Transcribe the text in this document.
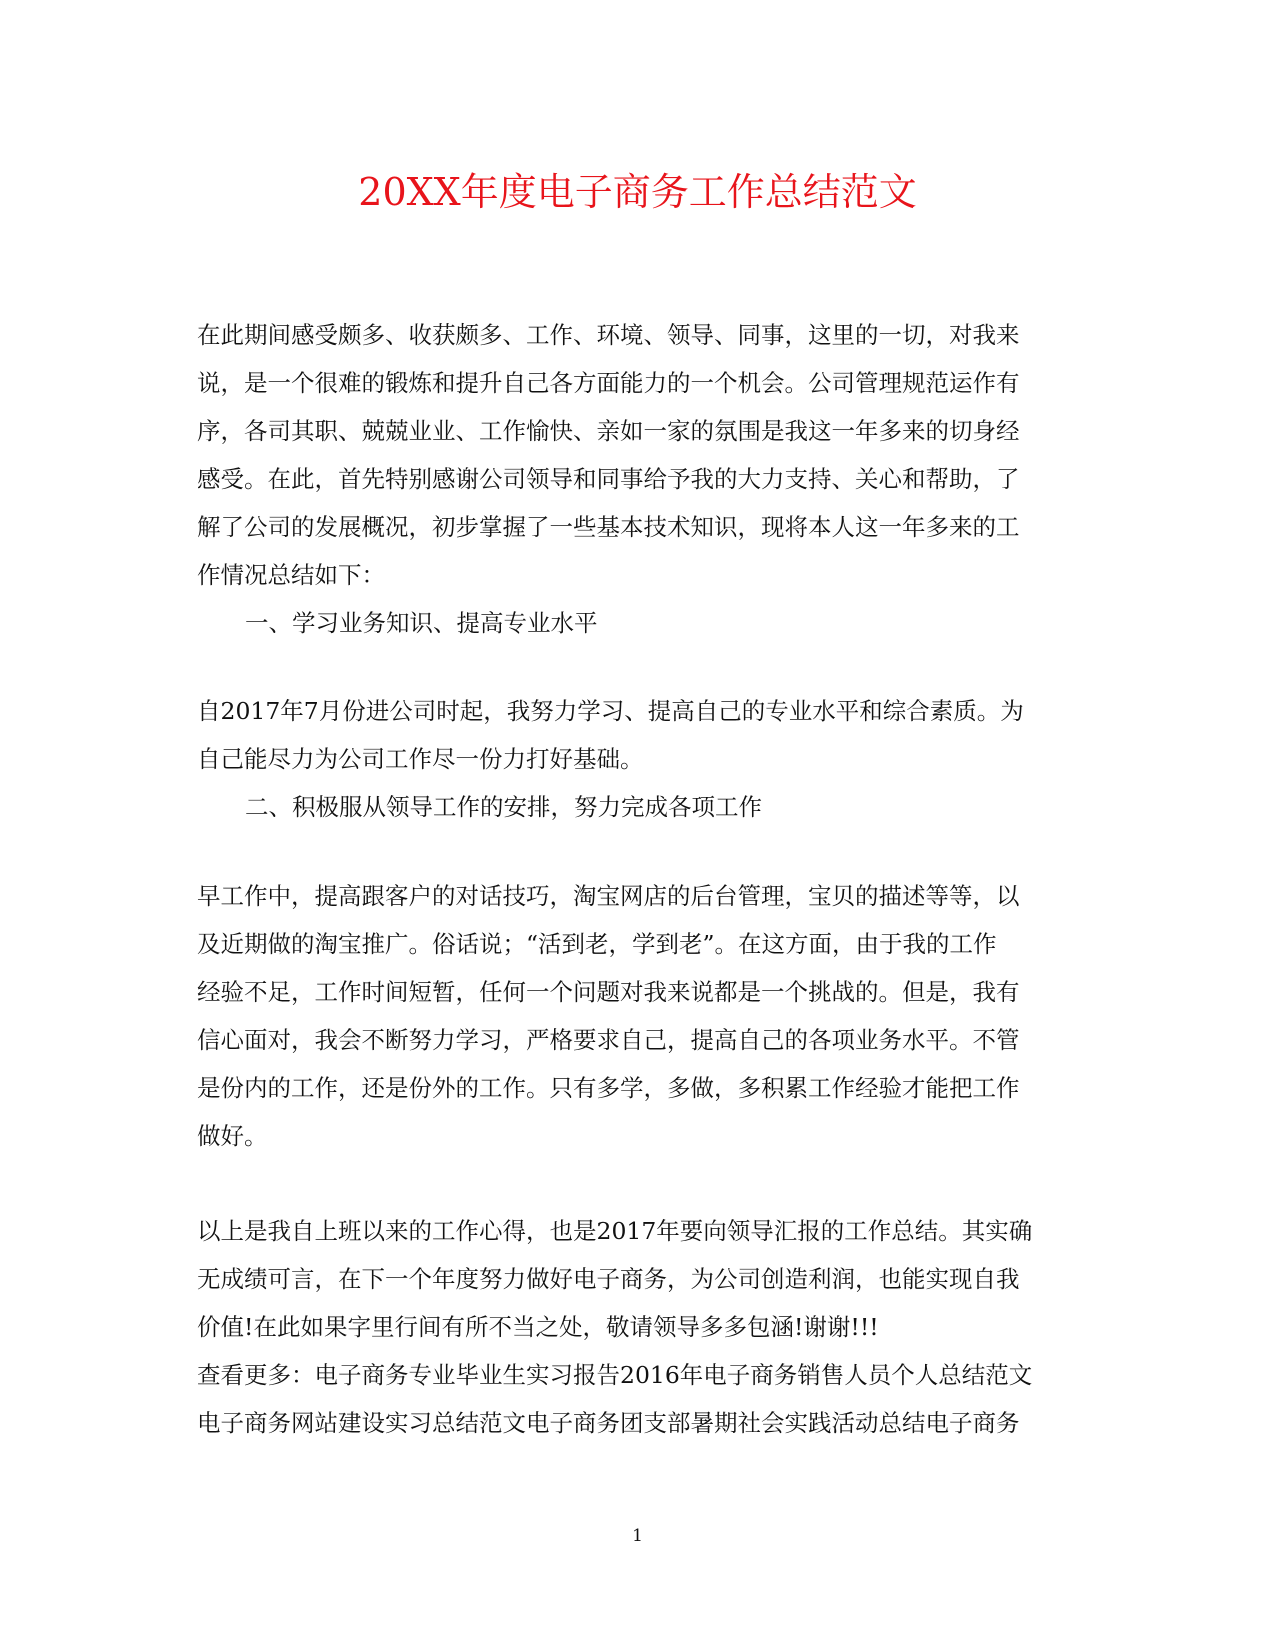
20XX年度电子商务工作总结范文
在此期间感受颇多、收获颇多、工作、环境、领导、同事，这里的一切，对我来
说，是一个很难的锻炼和提升自己各方面能力的一个机会。公司管理规范运作有
序，各司其职、兢兢业业、工作愉快、亲如一家的氛围是我这一年多来的切身经
感受。在此，首先特别感谢公司领导和同事给予我的大力支持、关心和帮助，了
解了公司的发展概况，初步掌握了一些基本技术知识，现将本人这一年多来的工
作情况总结如下：
一、学习业务知识、提高专业水平
自2017年7月份进公司时起，我努力学习、提高自己的专业水平和综合素质。为
自己能尽力为公司工作尽一份力打好基础。
二、积极服从领导工作的安排，努力完成各项工作
早工作中，提高跟客户的对话技巧，淘宝网店的后台管理，宝贝的描述等等，以
及近期做的淘宝推广。俗话说；“活到老，学到老”。在这方面，由于我的工作
经验不足，工作时间短暂，任何一个问题对我来说都是一个挑战的。但是，我有
信心面对，我会不断努力学习，严格要求自己，提高自己的各项业务水平。不管
是份内的工作，还是份外的工作。只有多学，多做，多积累工作经验才能把工作
做好。
以上是我自上班以来的工作心得，也是2017年要向领导汇报的工作总结。其实确
无成绩可言，在下一个年度努力做好电子商务，为公司创造利润，也能实现自我
价值!在此如果字里行间有所不当之处，敬请领导多多包涵!谢谢!!!
查看更多：电子商务专业毕业生实习报告2016年电子商务销售人员个人总结范文
电子商务网站建设实习总结范文电子商务团支部暑期社会实践活动总结电子商务
1
